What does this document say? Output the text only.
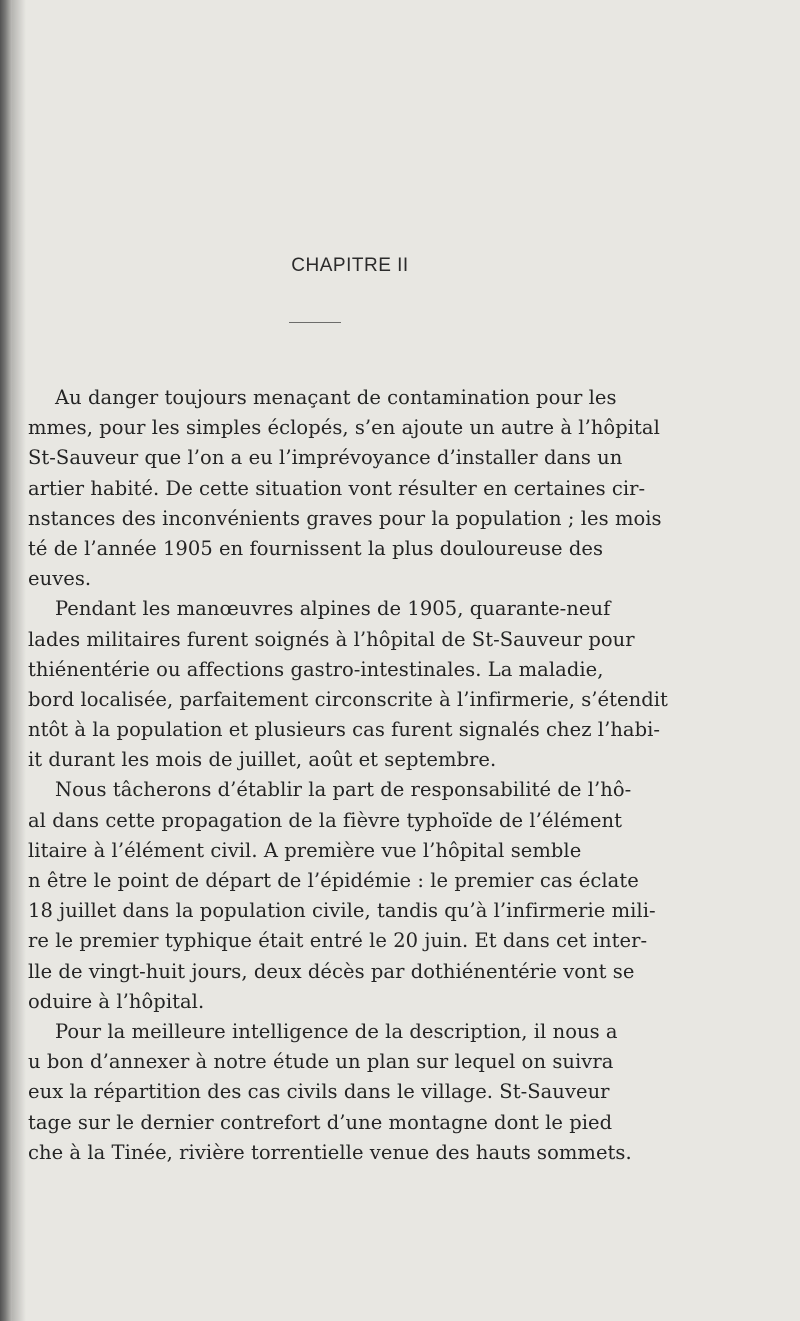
CHAPITRE II
Au danger toujours menaçant de contamination pour les
mmes, pour les simples éclopés, s’en ajoute un autre à l’hôpital
St-Sauveur que l’on a eu l’imprévoyance d’installer dans un
artier habité. De cette situation vont résulter en certaines cir-
nstances des inconvénients graves pour la population ; les mois
té de l’année 1905 en fournissent la plus douloureuse des
euves.
Pendant les manœuvres alpines de 1905, quarante-neuf
lades militaires furent soignés à l’hôpital de St-Sauveur pour
thiénentérie ou affections gastro-intestinales. La maladie,
bord localisée, parfaitement circonscrite à l’infirmerie, s’étendit
ntôt à la population et plusieurs cas furent signalés chez l’habi-
it durant les mois de juillet, août et septembre.
Nous tâcherons d’établir la part de responsabilité de l’hô-
al dans cette propagation de la fièvre typhoïde de l’élément
litaire à l’élément civil. A première vue l’hôpital semble
n être le point de départ de l’épidémie : le premier cas éclate
18 juillet dans la population civile, tandis qu’à l’infirmerie mili-
re le premier typhique était entré le 20 juin. Et dans cet inter-
lle de vingt-huit jours, deux décès par dothiénentérie vont se
oduire à l’hôpital.
Pour la meilleure intelligence de la description, il nous a
u bon d’annexer à notre étude un plan sur lequel on suivra
eux la répartition des cas civils dans le village. St-Sauveur
tage sur le dernier contrefort d’une montagne dont le pied
che à la Tinée, rivière torrentielle venue des hauts sommets.
